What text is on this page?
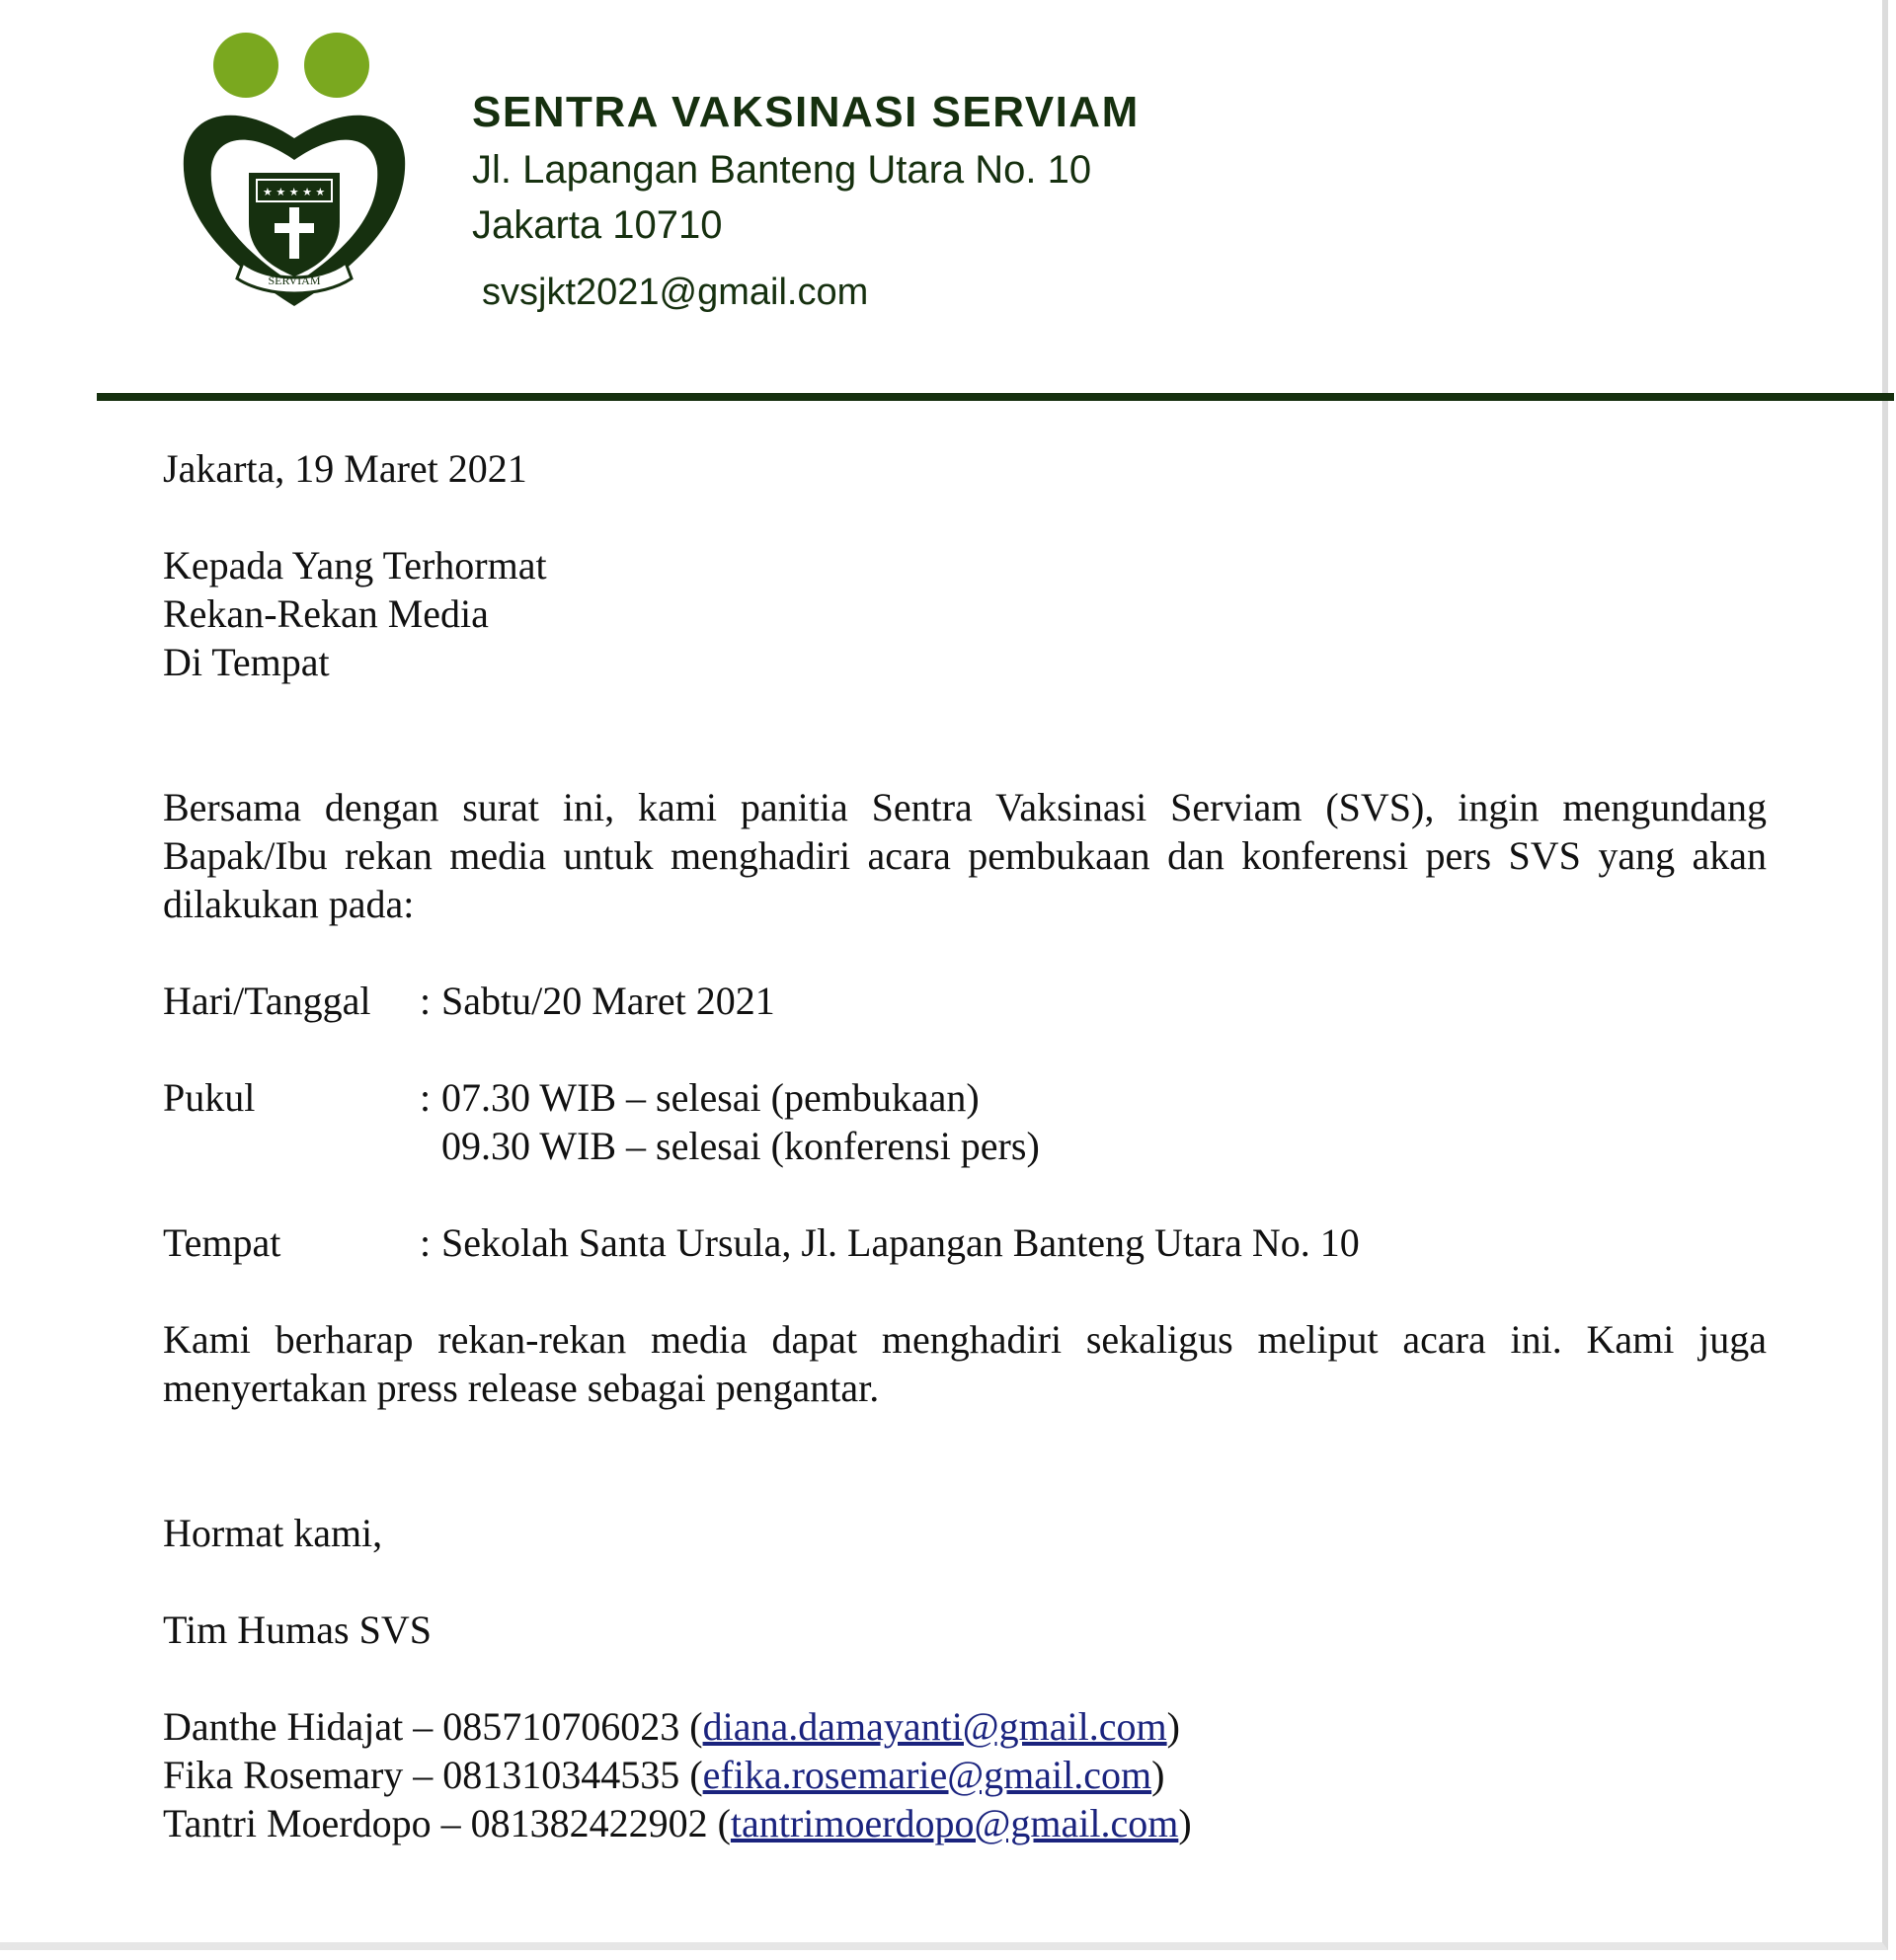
★ ★ ★ ★ ★
SERVIAM
SENTRA VAKSINASI SERVIAM
Jl. Lapangan Banteng Utara No. 10
Jakarta 10710
svsjkt2021@gmail.com

Jakarta, 19 Maret 2021

Kepada Yang Terhormat

Rekan-Rekan Media

Di Tempat

Bersama dengan surat ini, kami panitia Sentra Vaksinasi Serviam (SVS), ingin mengundang Bapak/Ibu rekan media untuk menghadiri acara pembukaan dan konferensi pers SVS yang akan dilakukan pada:

Hari/Tanggal	: Sabtu/20 Maret 2021
Pukul	: 07.30 WIB – selesai (pembukaan)
09.30 WIB – selesai (konferensi pers)
Tempat	: Sekolah Santa Ursula, Jl. Lapangan Banteng Utara No. 10

Kami berharap rekan-rekan media dapat menghadiri sekaligus meliput acara ini. Kami juga menyertakan press release sebagai pengantar.

Hormat kami,

Tim Humas SVS

Danthe Hidajat – 085710706023 (diana.damayanti@gmail.com)
Fika Rosemary – 081310344535 (efika.rosemarie@gmail.com)
Tantri Moerdopo – 081382422902 (tantrimoerdopo@gmail.com)
